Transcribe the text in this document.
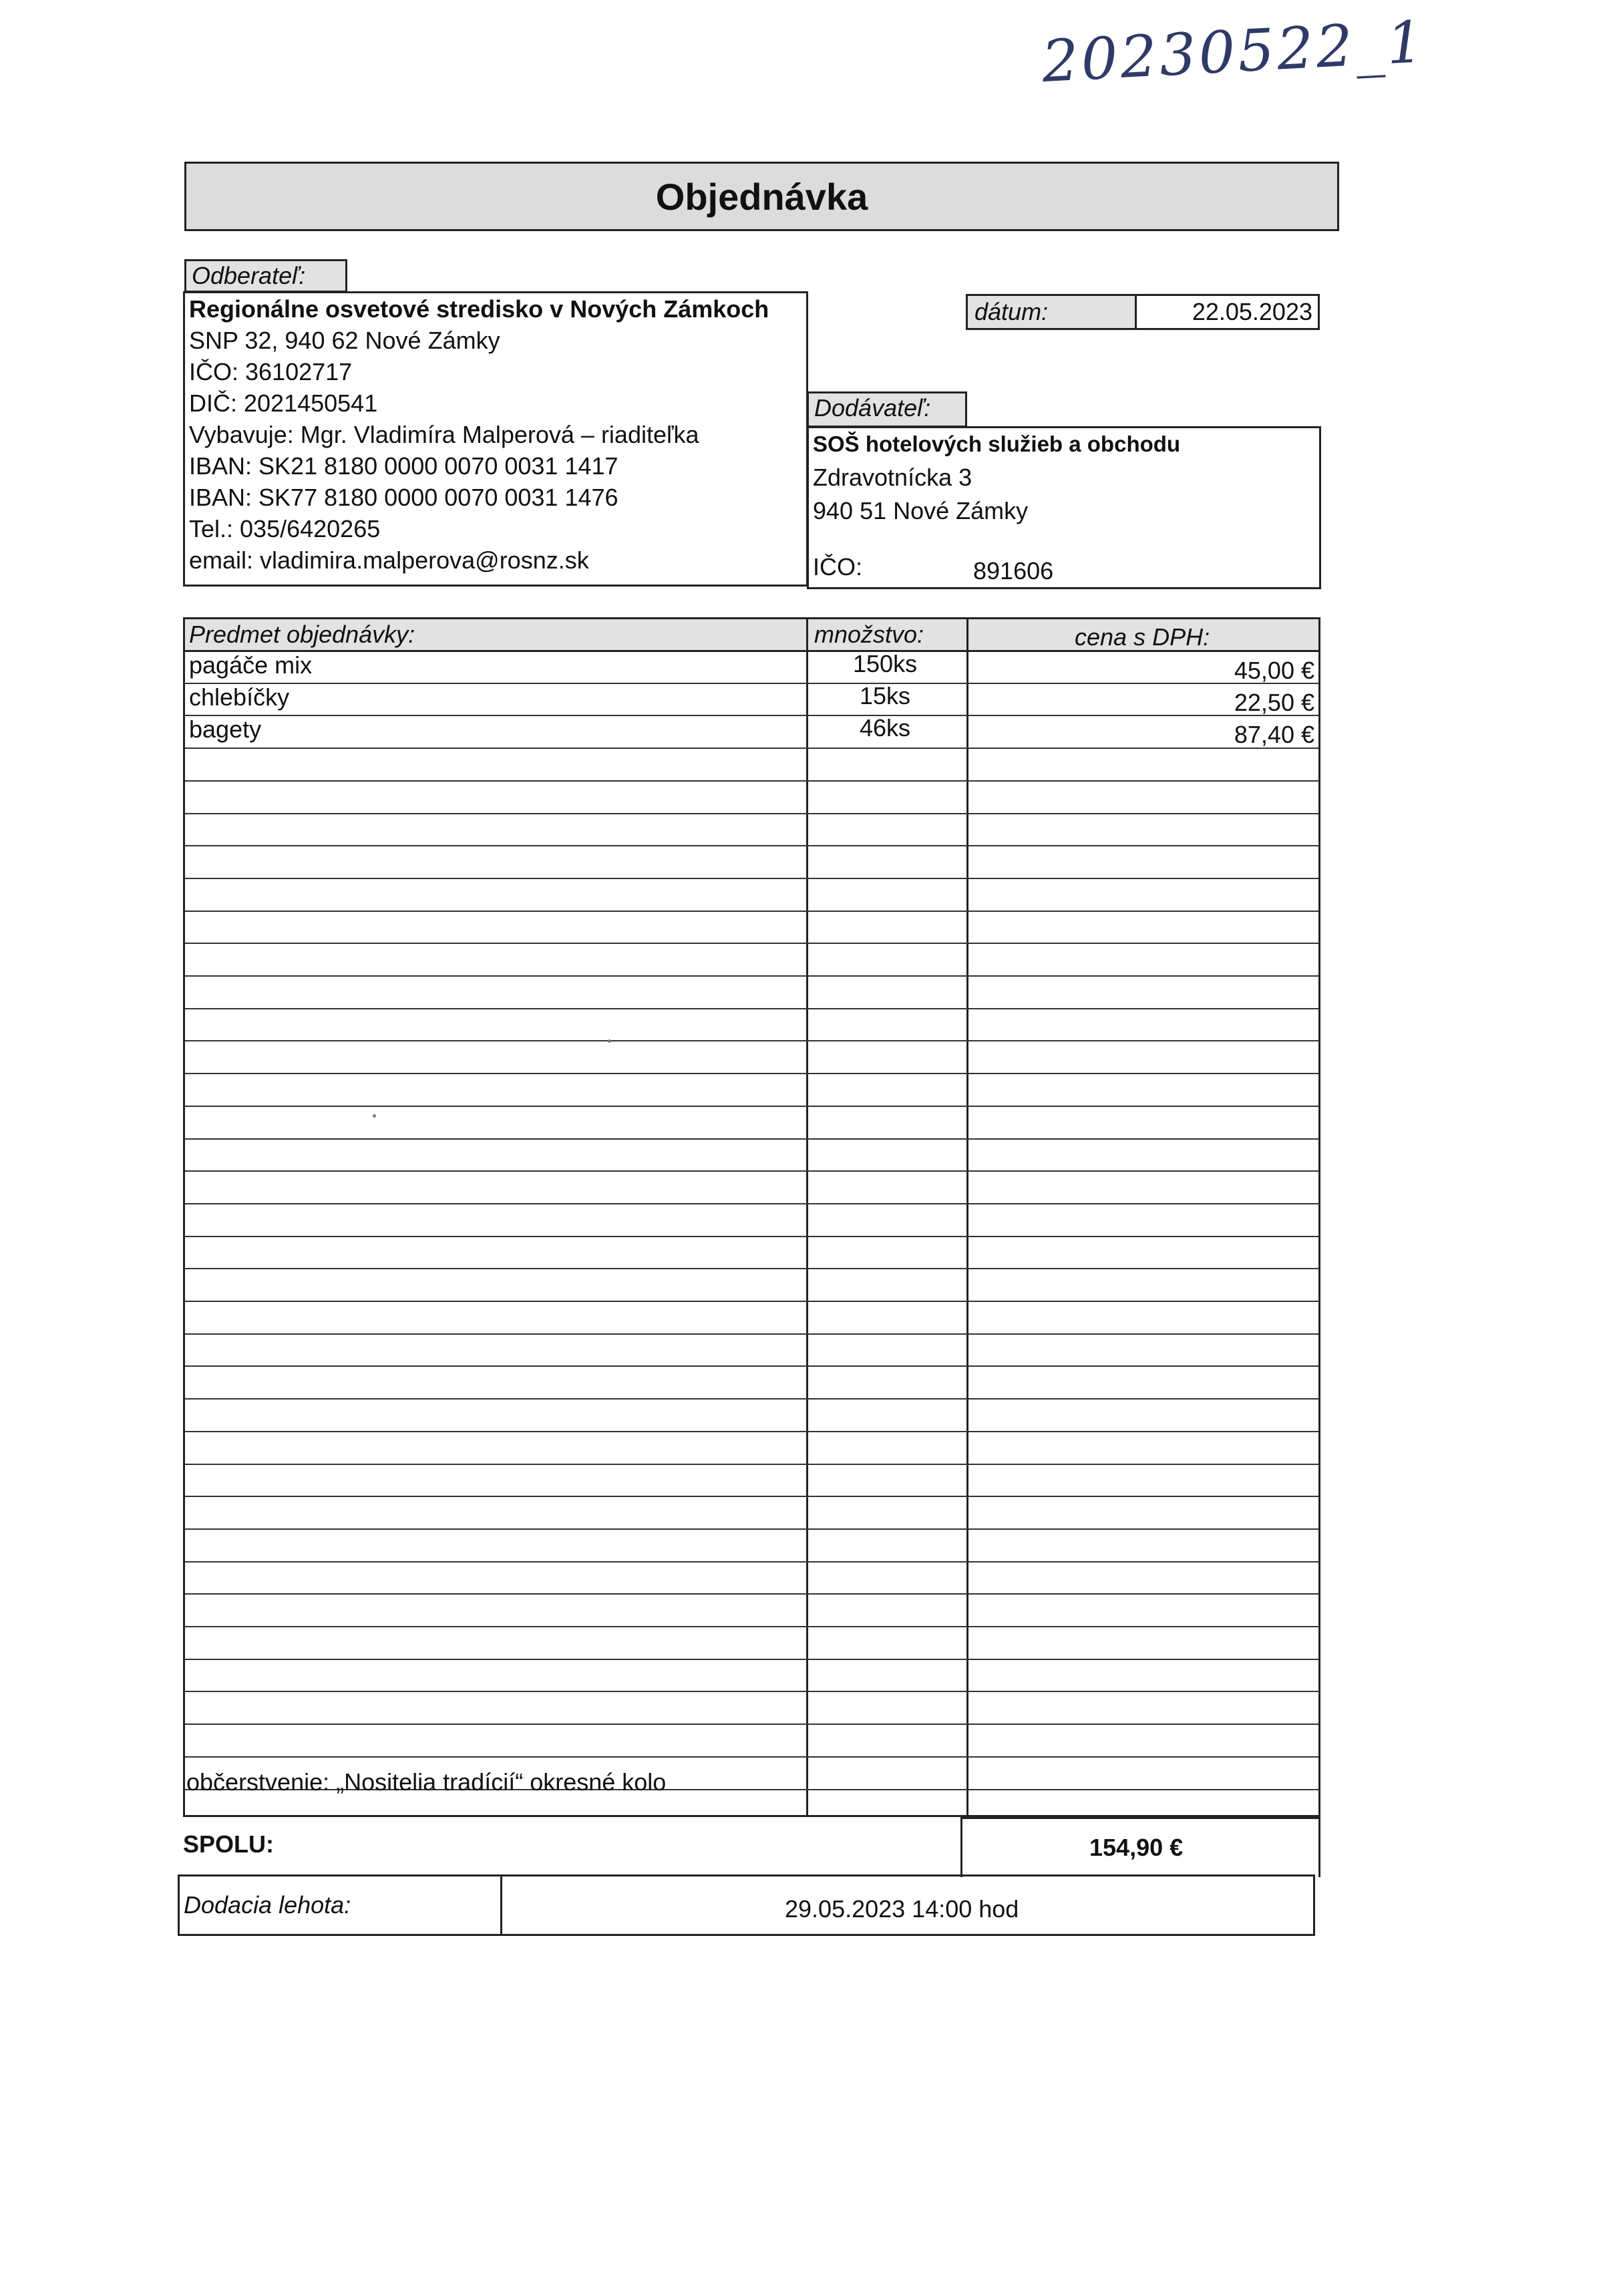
20230522_1
Objednávka
Odberateľ:
Regionálne osvetové stredisko v Nových Zámkoch
SNP 32, 940 62 Nové Zámky
IČO: 36102717
DIČ: 2021450541
Vybavuje: Mgr. Vladimíra Malperová – riaditeľka
IBAN: SK21 8180 0000 0070 0031 1417
IBAN: SK77 8180 0000 0070 0031 1476
Tel.: 035/6420265
email: vladimira.malperova@rosnz.sk
dátum:	22.05.2023
Dodávateľ:
SOŠ hotelových služieb a obchodu
Zdravotnícka 3
940 51 Nové Zámky
IČO:	891606
Predmet objednávky:	množstvo:	cena s DPH:
pagáče mix	150ks	45,00 €
chlebíčky	15ks	22,50 €
bagety	46ks	87,40 €
občerstvenie: „Nositelia tradícií“ okresné kolo
SPOLU:	154,90 €
Dodacia lehota:	29.05.2023 14:00 hod
